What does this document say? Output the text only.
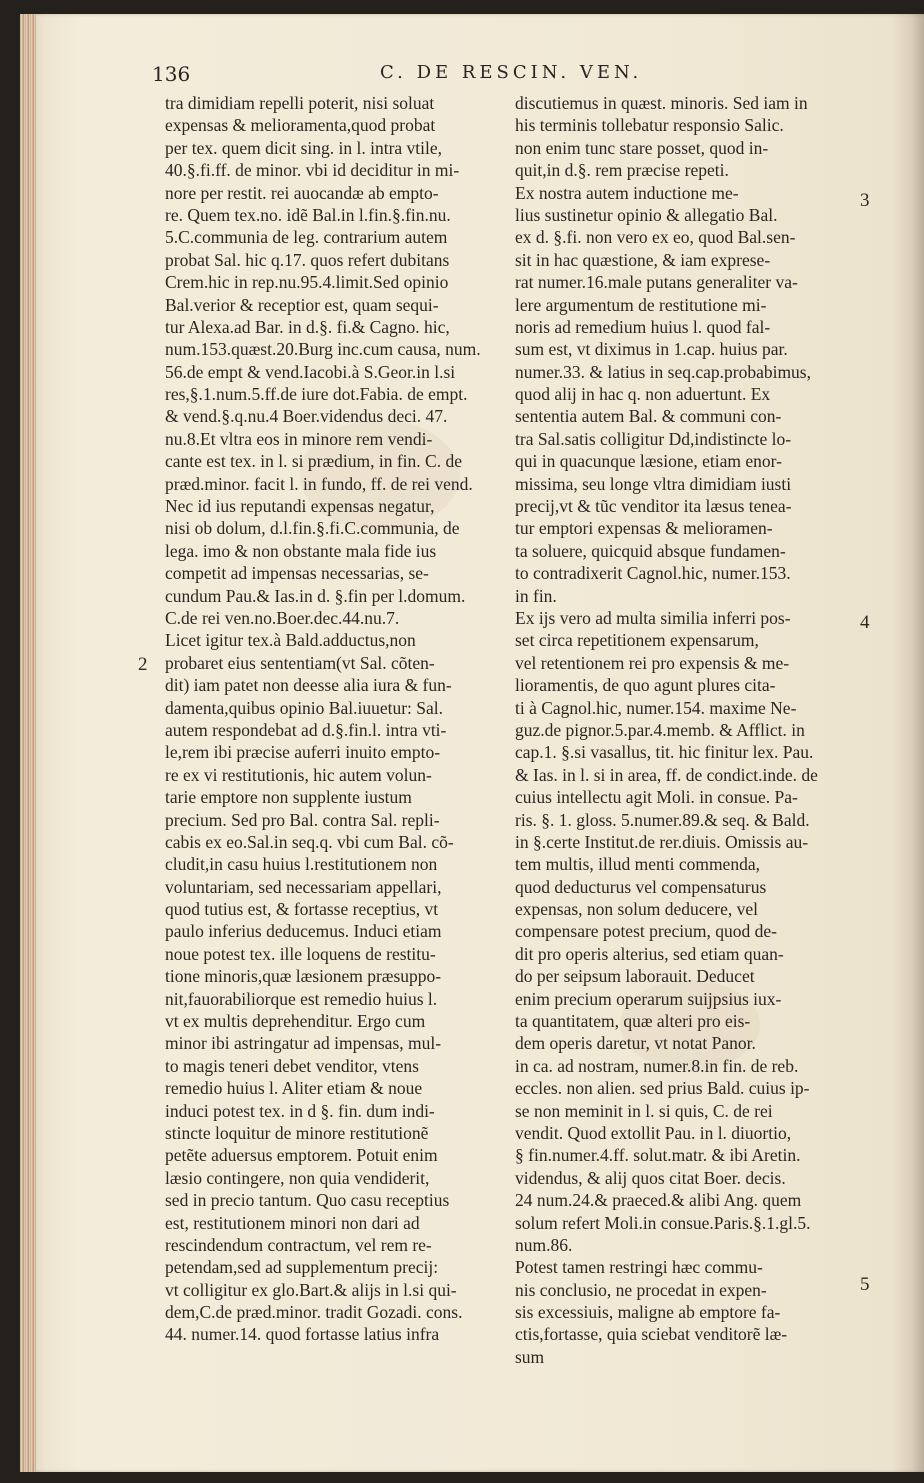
136	C. DE RESCIN. VEN.
2
3
4
5
tra dimidiam repelli poterit, nisi soluat
expensas & melioramenta,quod probat
per tex. quem dicit sing. in l. intra vtile,
40.§.fi.ff. de minor. vbi id deciditur in mi-
nore per restit. rei auocandæ ab empto-
re. Quem tex.no. idẽ Bal.in l.fin.§.fin.nu.
5.C.communia de leg. contrarium autem
probat Sal. hic q.17. quos refert dubitans
Crem.hic in rep.nu.95.4.limit.Sed opinio
Bal.verior & receptior est, quam sequi-
tur Alexa.ad Bar. in d.§. fi.& Cagno. hic,
num.153.quæst.20.Burg inc.cum causa, num.
56.de empt & vend.Iacobi.à S.Geor.in l.si
res,§.1.num.5.ff.de iure dot.Fabia. de empt.
& vend.§.q.nu.4 Boer.videndus deci. 47.
nu.8.Et vltra eos in minore rem vendi-
cante est tex. in l. si prædium, in fin. C. de
præd.minor. facit l. in fundo, ff. de rei vend.
Nec id ius reputandi expensas negatur,
nisi ob dolum, d.l.fin.§.fi.C.communia, de
lega. imo & non obstante mala fide ius
competit ad impensas necessarias, se-
cundum Pau.& Ias.in d. §.fin per l.domum.
C.de rei ven.no.Boer.dec.44.nu.7.
Licet igitur tex.à Bald.adductus,non
probaret eius sententiam(vt Sal. cõten-
dit) iam patet non deesse alia iura & fun-
damenta,quibus opinio Bal.iuuetur: Sal.
autem respondebat ad d.§.fin.l. intra vti-
le,rem ibi præcise auferri inuito empto-
re ex vi restitutionis, hic autem volun-
tarie emptore non supplente iustum
precium. Sed pro Bal. contra Sal. repli-
cabis ex eo.Sal.in seq.q. vbi cum Bal. cõ-
cludit,in casu huius l.restitutionem non
voluntariam, sed necessariam appellari,
quod tutius est, & fortasse receptius, vt
paulo inferius deducemus. Induci etiam
noue potest tex. ille loquens de restitu-
tione minoris,quæ læsionem præsuppo-
nit,fauorabiliorque est remedio huius l.
vt ex multis deprehenditur. Ergo cum
minor ibi astringatur ad impensas, mul-
to magis teneri debet venditor, vtens
remedio huius l. Aliter etiam & noue
induci potest tex. in d §. fin. dum indi-
stincte loquitur de minore restitutionẽ
petẽte aduersus emptorem. Potuit enim
læsio contingere, non quia vendiderit,
sed in precio tantum. Quo casu receptius
est, restitutionem minori non dari ad
rescindendum contractum, vel rem re-
petendam,sed ad supplementum precij:
vt colligitur ex glo.Bart.& alijs in l.si qui-
dem,C.de præd.minor. tradit Gozadi. cons.
44. numer.14. quod fortasse latius infra
discutiemus in quæst. minoris. Sed iam in
his terminis tollebatur responsio Salic.
non enim tunc stare posset, quod in-
quit,in d.§. rem præcise repeti.
Ex nostra autem inductione me-
lius sustinetur opinio & allegatio Bal.
ex d. §.fi. non vero ex eo, quod Bal.sen-
sit in hac quæstione, & iam exprese-
rat numer.16.male putans generaliter va-
lere argumentum de restitutione mi-
noris ad remedium huius l. quod fal-
sum est, vt diximus in 1.cap. huius par.
numer.33. & latius in seq.cap.probabimus,
quod alij in hac q. non aduertunt. Ex
sententia autem Bal. & communi con-
tra Sal.satis colligitur Dd,indistincte lo-
qui in quacunque læsione, etiam enor-
missima, seu longe vltra dimidiam iusti
precij,vt & tũc venditor ita læsus tenea-
tur emptori expensas & melioramen-
ta soluere, quicquid absque fundamen-
to contradixerit Cagnol.hic, numer.153.
in fin.
Ex ijs vero ad multa similia inferri pos-
set circa repetitionem expensarum,
vel retentionem rei pro expensis & me-
lioramentis, de quo agunt plures cita-
ti à Cagnol.hic, numer.154. maxime Ne-
guz.de pignor.5.par.4.memb. & Afflict. in
cap.1. §.si vasallus, tit. hic finitur lex. Pau.
& Ias. in l. si in area, ff. de condict.inde. de
cuius intellectu agit Moli. in consue. Pa-
ris. §. 1. gloss. 5.numer.89.& seq. & Bald.
in §.certe Institut.de rer.diuis. Omissis au-
tem multis, illud menti commenda,
quod deducturus vel compensaturus
expensas, non solum deducere, vel
compensare potest precium, quod de-
dit pro operis alterius, sed etiam quan-
do per seipsum laborauit. Deducet
enim precium operarum suijpsius iux-
ta quantitatem, quæ alteri pro eis-
dem operis daretur, vt notat Panor.
in ca. ad nostram, numer.8.in fin. de reb.
eccles. non alien. sed prius Bald. cuius ip-
se non meminit in l. si quis, C. de rei
vendit. Quod extollit Pau. in l. diuortio,
§ fin.numer.4.ff. solut.matr. & ibi Aretin.
videndus, & alij quos citat Boer. decis.
24 num.24.& praeced.& alibi Ang. quem
solum refert Moli.in consue.Paris.§.1.gl.5.
num.86.
Potest tamen restringi hæc commu-
nis conclusio, ne procedat in expen-
sis excessiuis, maligne ab emptore fa-
ctis,fortasse, quia sciebat venditorẽ læ-
sum
